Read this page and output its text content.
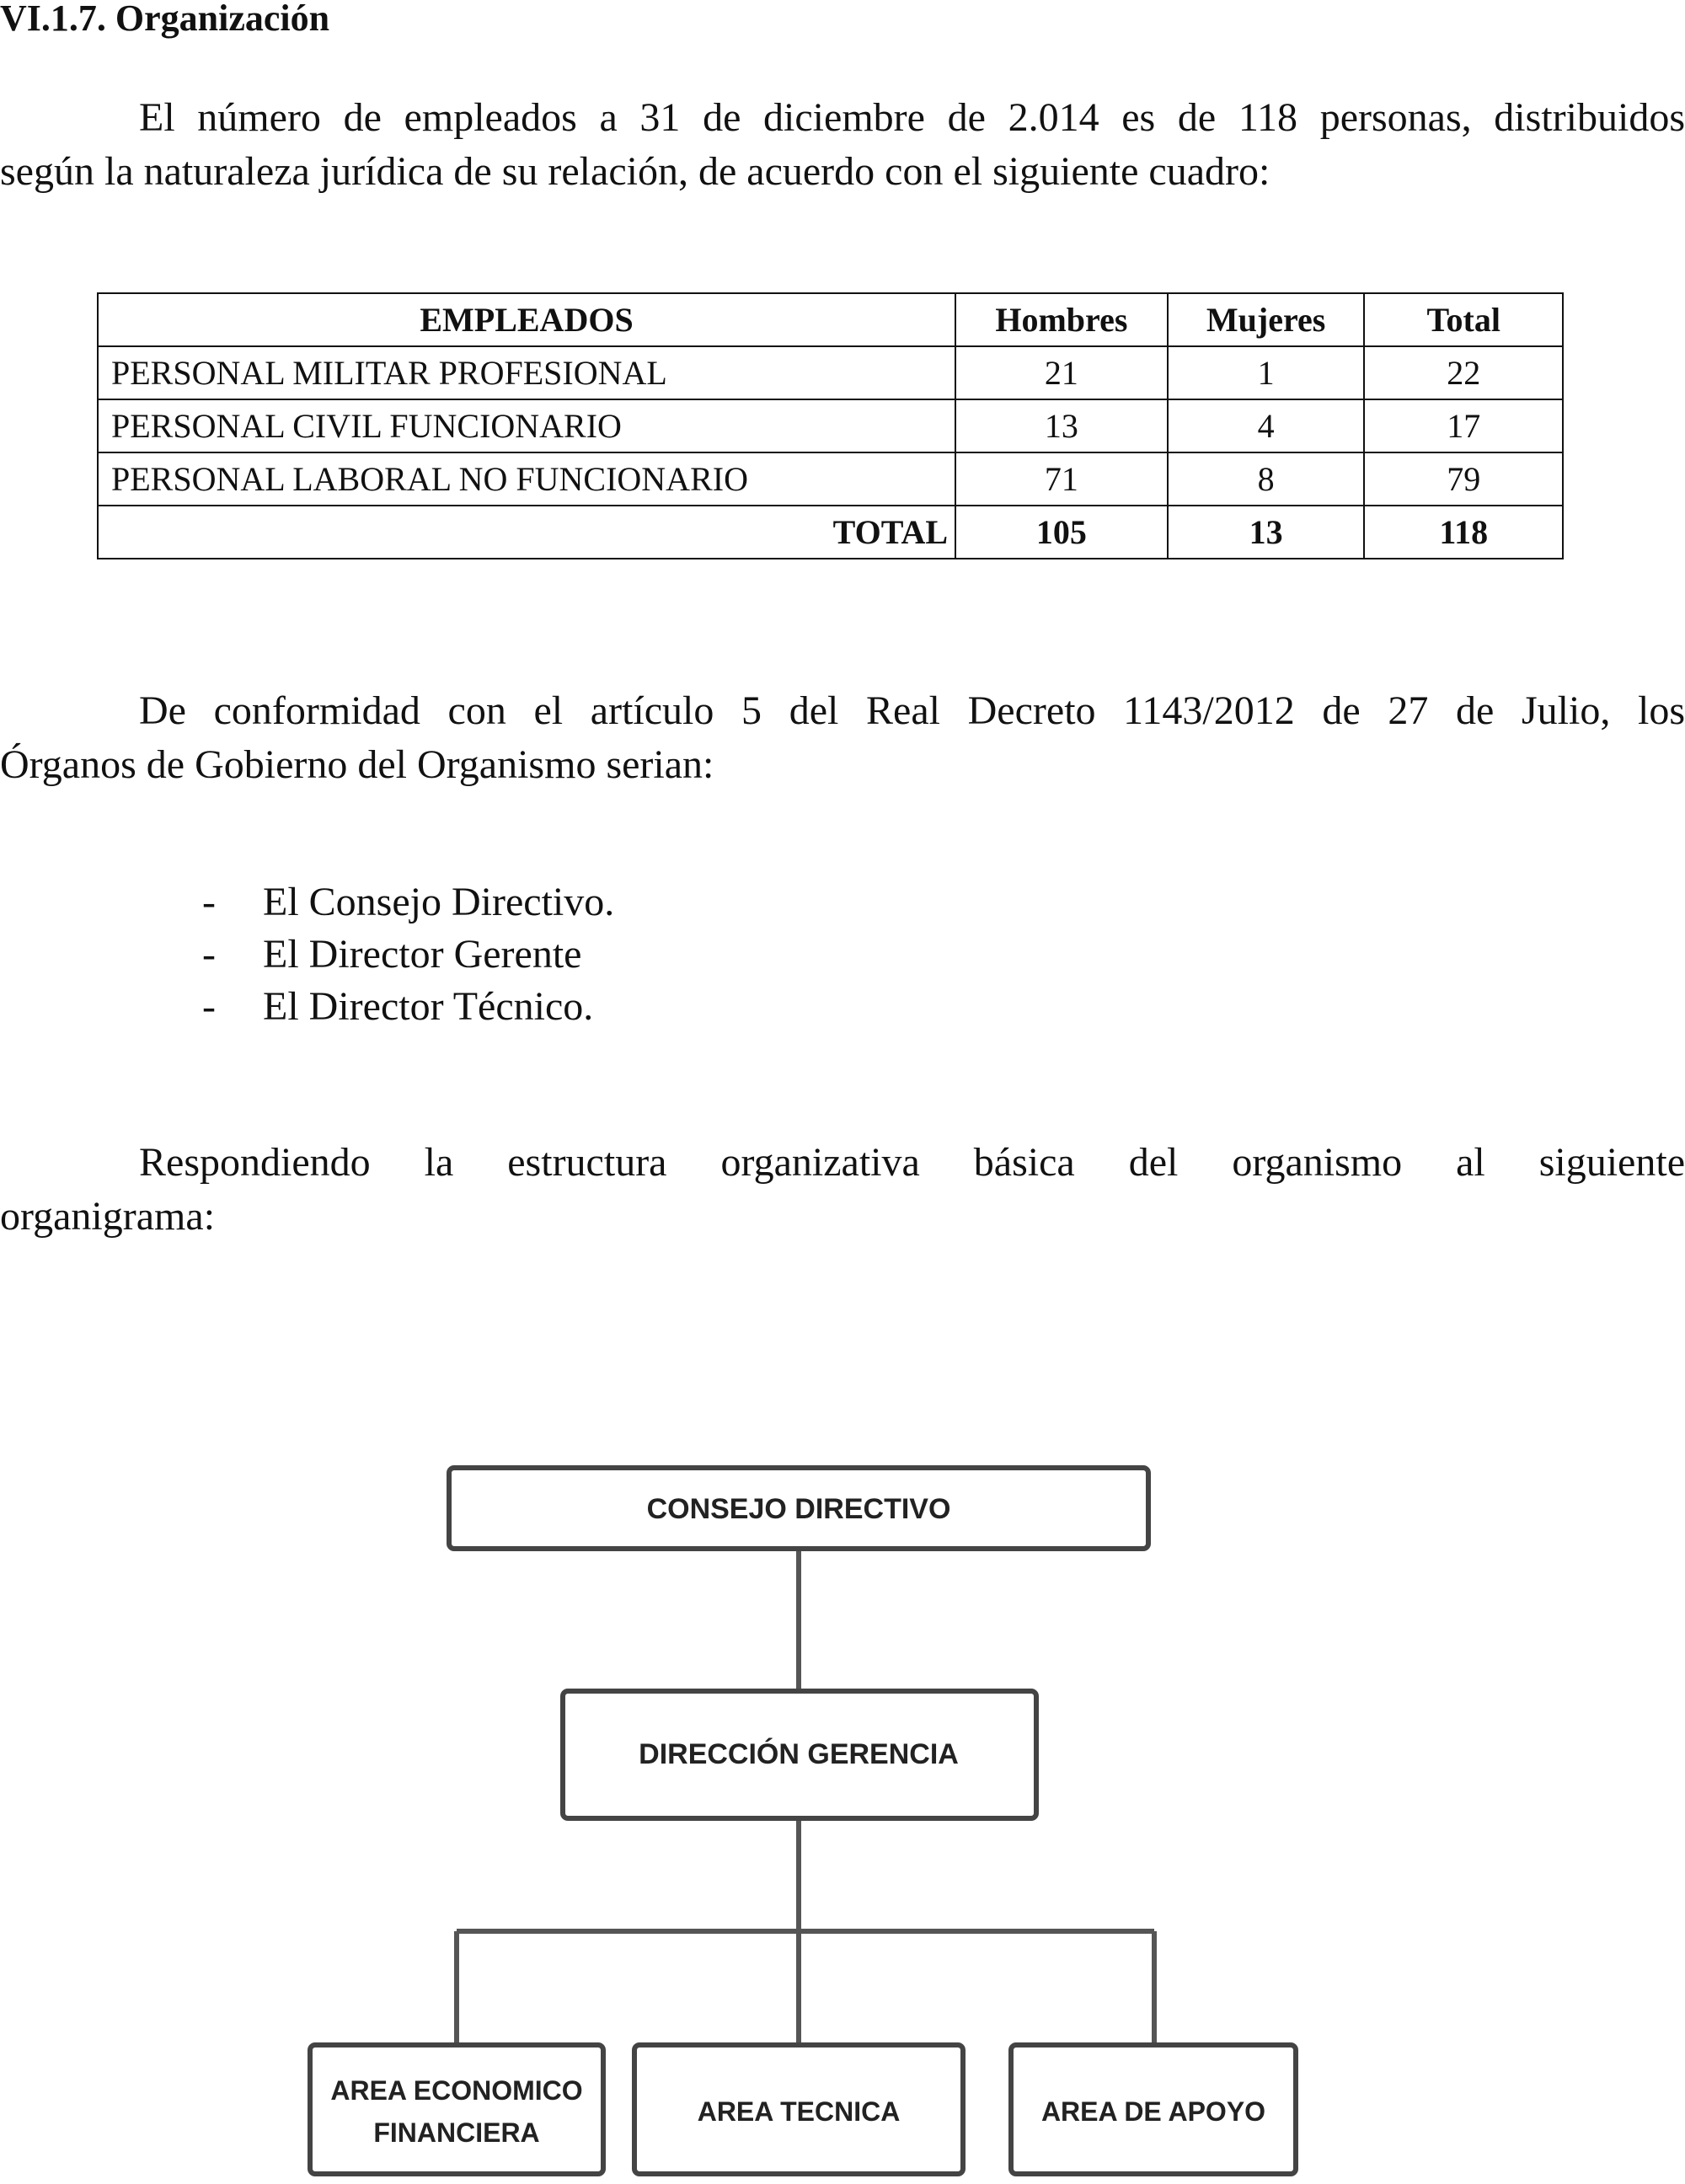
VI.1.7. Organización
El número de empleados a 31 de diciembre de 2.014 es de 118 personas, distribuidos
según la naturaleza jurídica de su relación, de acuerdo con el siguiente cuadro:
EMPLEADOS	Hombres	Mujeres	Total
PERSONAL MILITAR PROFESIONAL	21	1	22
PERSONAL CIVIL FUNCIONARIO	13	4	17
PERSONAL LABORAL NO FUNCIONARIO	71	8	79
TOTAL	105	13	118
De conformidad con el artículo 5 del Real Decreto 1143/2012 de 27 de Julio, los
Órganos de Gobierno del Organismo serian:
- El Consejo Directivo.
- El Director Gerente
- El Director Técnico.
Respondiendo la estructura organizativa básica del organismo al siguiente
organigrama:
CONSEJO DIRECTIVO
DIRECCIÓN GERENCIA
AREA ECONOMICO
FINANCIERA
AREA TECNICA	AREA DE APOYO
